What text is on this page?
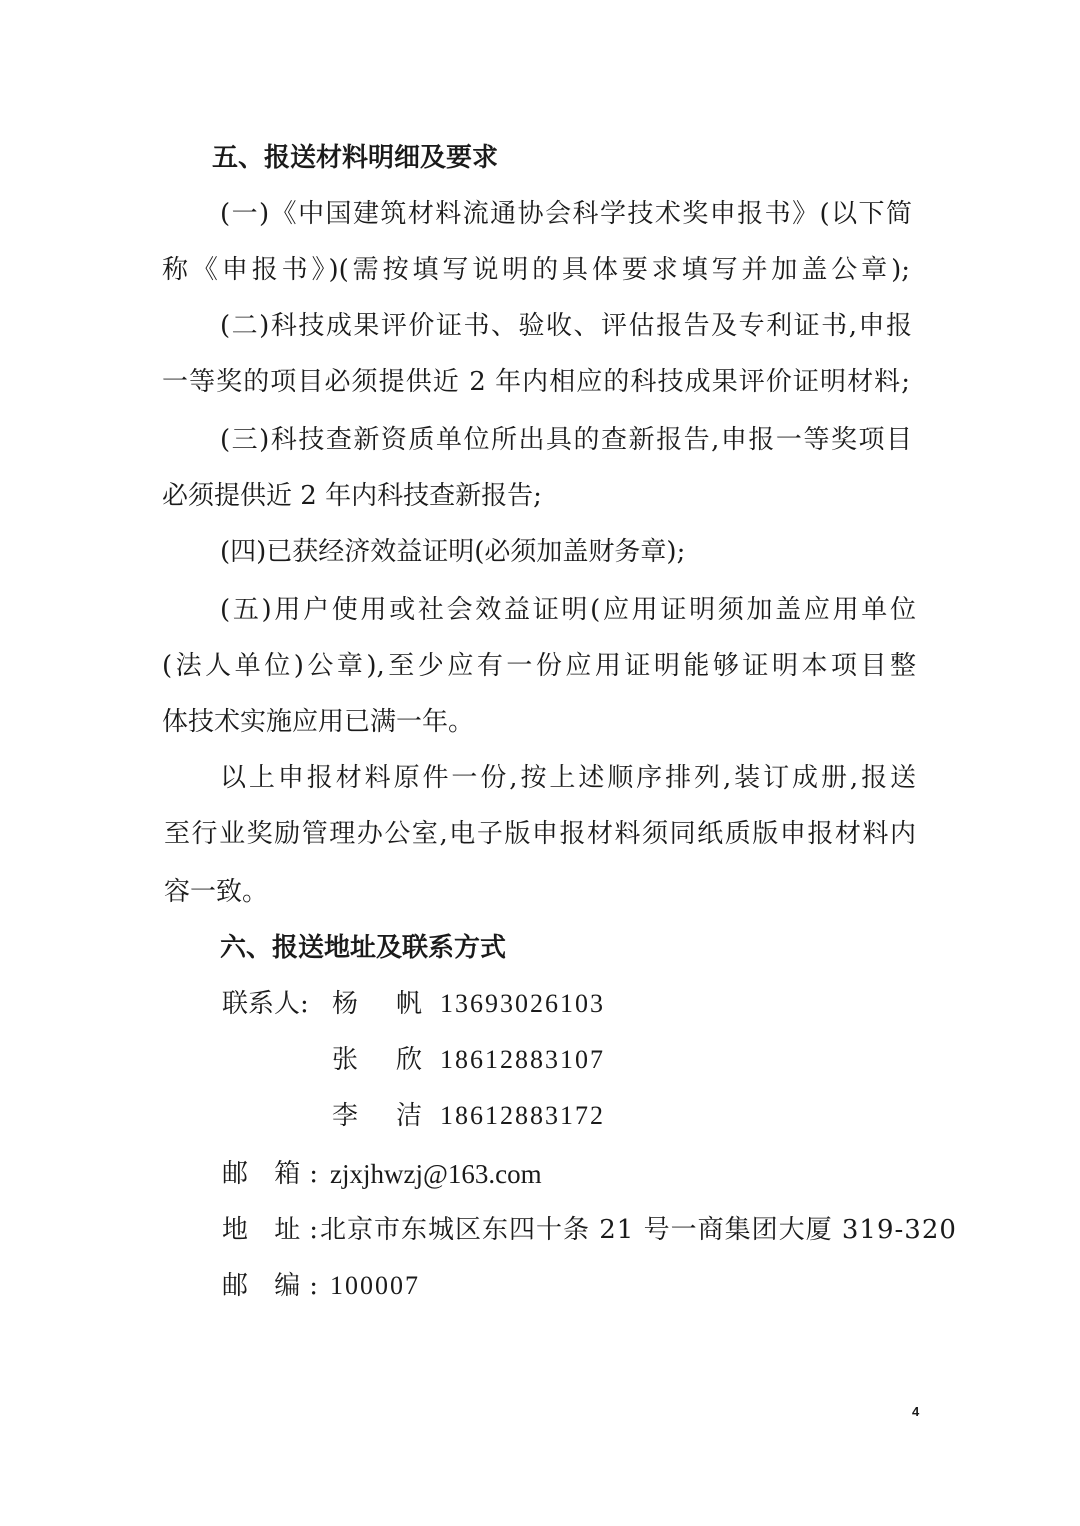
五、报送材料明细及要求
(一)《中国建筑材料流通协会科学技术奖申报书》(以下简
称《申报书》)(需按填写说明的具体要求填写并加盖公章);
(二)科技成果评价证书、验收、评估报告及专利证书,申报
一等奖的项目必须提供近 2 年内相应的科技成果评价证明材料;
(三)科技查新资质单位所出具的查新报告,申报一等奖项目
必须提供近 2 年内科技查新报告;
(四)已获经济效益证明(必须加盖财务章);
(五)用户使用或社会效益证明(应用证明须加盖应用单位
(法人单位)公章),至少应有一份应用证明能够证明本项目整
体技术实施应用已满一年。
以上申报材料原件一份,按上述顺序排列,装订成册,报送
至行业奖励管理办公室,电子版申报材料须同纸质版申报材料内
容一致。
六、报送地址及联系方式
联系人: 杨 帆 13693026103
张 欣 18612883107
李 洁 18612883172
邮 箱: zjxjhwzj@163.com
地 址: 北京市东城区东四十条 21 号一商集团大厦 319-320
邮 编: 100007
4
